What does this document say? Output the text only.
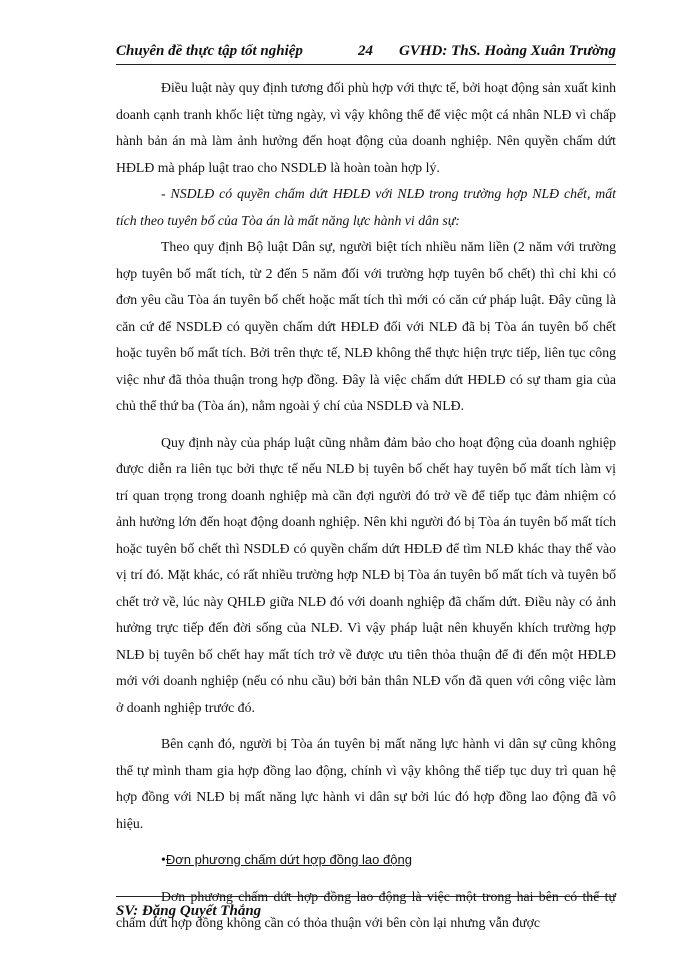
Chuyên đề thực tập tốt nghiệp	24 GVHD: ThS. Hoàng Xuân Trường

Điều luật này quy định tương đối phù hợp với thực tế, bởi hoạt động sản xuất kinh doanh cạnh tranh khốc liệt từng ngày, vì vậy không thể để việc một cá nhân NLĐ vì chấp hành bản án mà làm ảnh hưởng đến hoạt động của doanh nghiệp. Nên quyền chấm dứt HĐLĐ mà pháp luật trao cho NSDLĐ là hoàn toàn hợp lý.

- NSDLĐ có quyền chấm dứt HĐLĐ với NLĐ trong trường hợp NLĐ chết, mất tích theo tuyên bố của Tòa án là mất năng lực hành vi dân sự:

Theo quy định Bộ luật Dân sự, người biệt tích nhiều năm liền (2 năm với trường hợp tuyên bố mất tích, từ 2 đến 5 năm đối với trường hợp tuyên bố chết) thì chỉ khi có đơn yêu cầu Tòa án tuyên bố chết hoặc mất tích thì mới có căn cứ pháp luật. Đây cũng là căn cứ để NSDLĐ có quyền chấm dứt HĐLĐ đối với NLĐ đã bị Tòa án tuyên bố chết hoặc tuyên bố mất tích. Bởi trên thực tế, NLĐ không thể thực hiện trực tiếp, liên tục công việc như đã thỏa thuận trong hợp đồng. Đây là việc chấm dứt HĐLĐ có sự tham gia của chủ thể thứ ba (Tòa án), nằm ngoài ý chí của NSDLĐ và NLĐ.

Quy định này của pháp luật cũng nhằm đảm bảo cho hoạt động của doanh nghiệp được diễn ra liên tục bởi thực tế nếu NLĐ bị tuyên bố chết hay tuyên bố mất tích làm vị trí quan trọng trong doanh nghiệp mà cần đợi người đó trở về để tiếp tục đảm nhiệm có ảnh hưởng lớn đến hoạt động doanh nghiệp. Nên khi người đó bị Tòa án tuyên bố mất tích hoặc tuyên bố chết thì NSDLĐ có quyền chấm dứt HĐLĐ để tìm NLĐ khác thay thế vào vị trí đó. Mặt khác, có rất nhiều trường hợp NLĐ bị Tòa án tuyên bố mất tích và tuyên bố chết trở về, lúc này QHLĐ giữa NLĐ đó với doanh nghiệp đã chấm dứt. Điều này có ảnh hưởng trực tiếp đến đời sống của NLĐ. Vì vậy pháp luật nên khuyến khích trường hợp NLĐ bị tuyên bố chết hay mất tích trở về được ưu tiên thỏa thuận để đi đến một HĐLĐ mới với doanh nghiệp (nếu có nhu cầu) bởi bản thân NLĐ vốn đã quen với công việc làm ở doanh nghiệp trước đó.

Bên cạnh đó, người bị Tòa án tuyên bị mất năng lực hành vi dân sự cũng không thể tự mình tham gia hợp đồng lao động, chính vì vậy không thể tiếp tục duy trì quan hệ hợp đồng với NLĐ bị mất năng lực hành vi dân sự bởi lúc đó hợp đồng lao động đã vô hiệu.

•Đơn phương chấm dứt hợp đồng lao động

Đơn phương chấm dứt hợp đồng lao động là việc một trong hai bên có thể tự chấm dứt hợp đồng không cần có thỏa thuận với bên còn lại nhưng vẫn được

SV: Đặng Quyết Thắng
